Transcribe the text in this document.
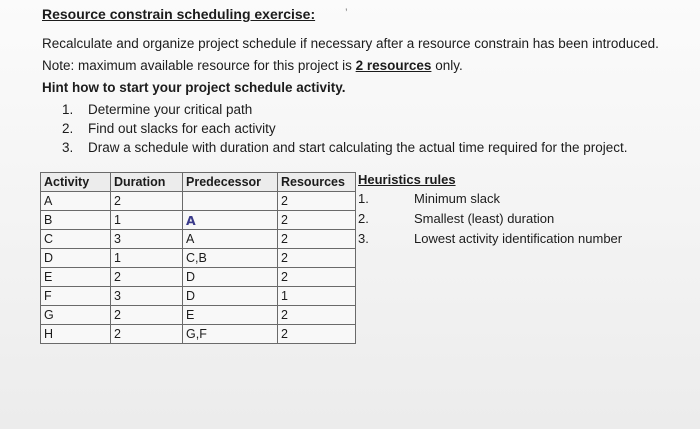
Resource constrain scheduling exercise: ’
Recalculate and organize project schedule if necessary after a resource constrain has been introduced.
Note: maximum available resource for this project is 2 resources only.
Hint how to start your project schedule activity.
1. Determine your critical path
2. Find out slacks for each activity
3. Draw a schedule with duration and start calculating the actual time required for the project.
Activity	Duration	Predecessor	Resources
A	2		2
B	1	A	2
C	3	A	2
D	1	C,B	2
E	2	D	2
F	3	D	1
G	2	E	2
H	2	G,F	2
Heuristics rules
1.	Minimum slack
2.	Smallest (least) duration
3.	Lowest activity identification number
